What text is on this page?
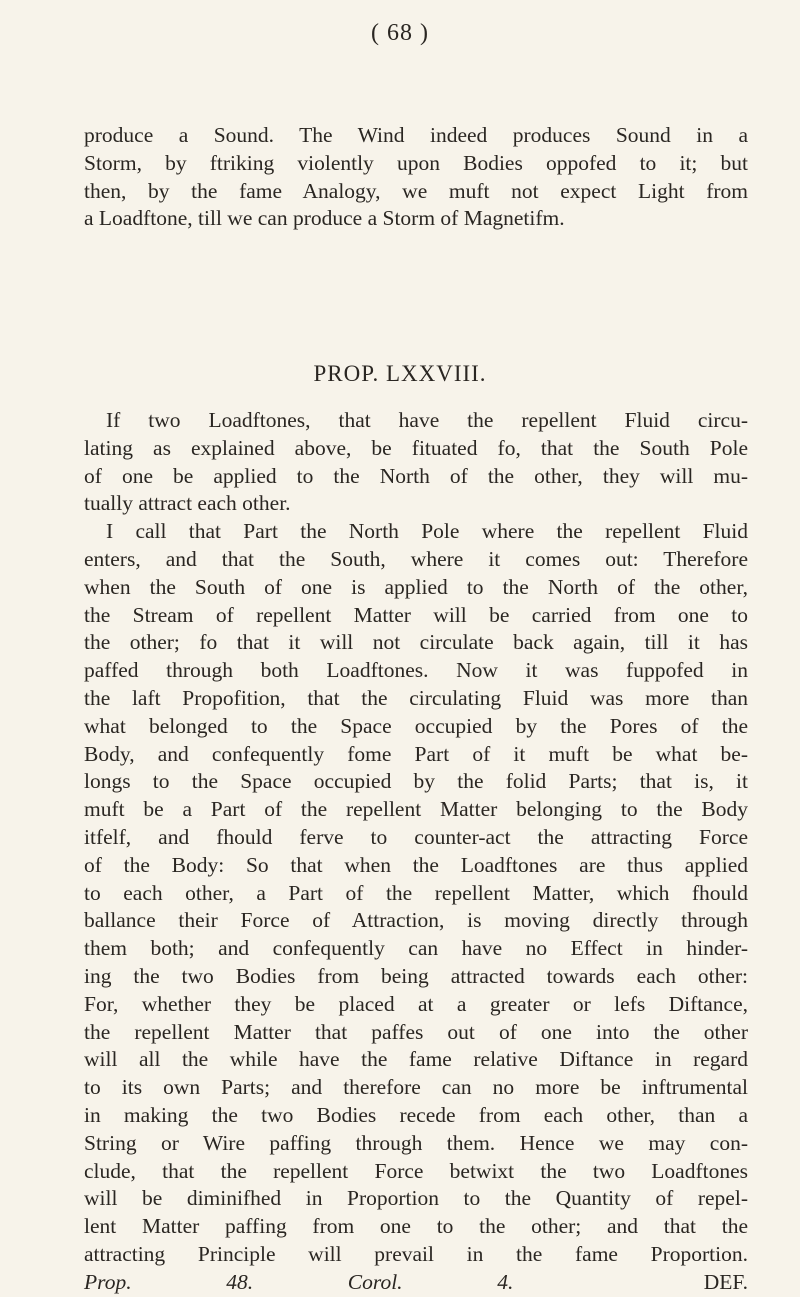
( 68 )
produce a Sound. The Wind indeed produces Sound in a
Storm, by ftriking violently upon Bodies oppofed to it; but
then, by the fame Analogy, we muft not expect Light from
a Loadftone, till we can produce a Storm of Magnetifm.
PROP. LXXVIII.
If two Loadftones, that have the repellent Fluid circu-
lating as explained above, be fituated fo, that the South Pole
of one be applied to the North of the other, they will mu-
tually attract each other.
I call that Part the North Pole where the repellent Fluid
enters, and that the South, where it comes out: Therefore
when the South of one is applied to the North of the other,
the Stream of repellent Matter will be carried from one to
the other; fo that it will not circulate back again, till it has
paffed through both Loadftones. Now it was fuppofed in
the laft Propofition, that the circulating Fluid was more than
what belonged to the Space occupied by the Pores of the
Body, and confequently fome Part of it muft be what be-
longs to the Space occupied by the folid Parts; that is, it
muft be a Part of the repellent Matter belonging to the Body
itfelf, and fhould ferve to counter-act the attracting Force
of the Body: So that when the Loadftones are thus applied
to each other, a Part of the repellent Matter, which fhould
ballance their Force of Attraction, is moving directly through
them both; and confequently can have no Effect in hinder-
ing the two Bodies from being attracted towards each other:
For, whether they be placed at a greater or lefs Diftance,
the repellent Matter that paffes out of one into the other
will all the while have the fame relative Diftance in regard
to its own Parts; and therefore can no more be inftrumental
in making the two Bodies recede from each other, than a
String or Wire paffing through them. Hence we may con-
clude, that the repellent Force betwixt the two Loadftones
will be diminifhed in Proportion to the Quantity of repel-
lent Matter paffing from one to the other; and that the
attracting Principle will prevail in the fame Proportion.
Prop. 48. Corol. 4.	DEF.
